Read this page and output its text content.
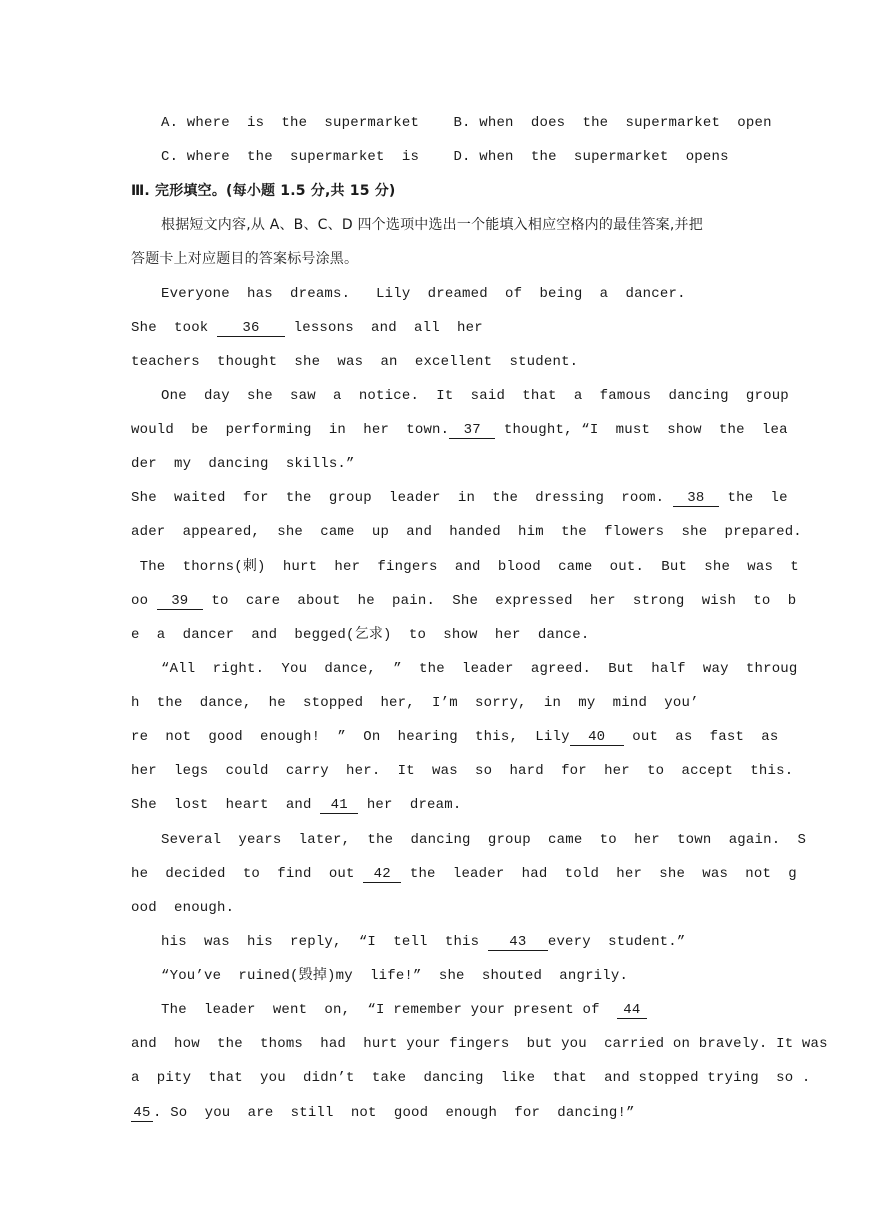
A. where  is  the  supermarket B. when  does  the  supermarket  open
C. where  the  supermarket  is D. when  the  supermarket  opens
Ⅲ. 完形填空。(每小题 1.5 分,共 15 分)
根据短文内容,从 A、B、C、D 四个选项中选出一个能填入相应空格内的最佳答案,并把
答题卡上对应题目的答案标号涂黑。
Everyone  has  dreams.   Lily  dreamed  of  being  a  dancer.
She  took 36 lessons  and  all  her
teachers  thought  she  was  an  excellent  student.
One  day  she  saw  a  notice.  It  said  that  a  famous  dancing  group
would  be  performing  in  her  town. 37 thought, “I  must  show  the  lea
der  my  dancing  skills.”
She  waited  for  the  group  leader  in  the  dressing  room. 38 the  le
ader  appeared,  she  came  up  and  handed  him  the  flowers  she  prepared.
The  thorns(刺)  hurt  her  fingers  and  blood  came  out.  But  she  was  t
oo 39 to  care  about  he  pain.  She  expressed  her  strong  wish  to  b
e  a  dancer  and  begged(乞求)  to  show  her  dance.
“All  right.  You  dance,  ”  the  leader  agreed.  But  half  way  throug
h  the  dance,  he  stopped  her,  I’m  sorry,  in  my  mind  you’
re  not  good  enough!  ”  On  hearing  this,  Lily 40 out  as  fast  as
her  legs  could  carry  her.  It  was  so  hard  for  her  to  accept  this.
She  lost  heart  and 41 her  dream.
Several  years  later,  the  dancing  group  came  to  her  town  again.  S
he  decided  to  find  out 42 the  leader  had  told  her  she  was  not  g
ood  enough.
his  was  his  reply,  “I  tell  this 43 every  student.”
“You’ve  ruined(毁掉)my  life!”  she  shouted  angrily.
The  leader  went  on,  “I remember your present of  44
and  how  the  thoms  had  hurt your fingers  but you  carried on bravely. It was
a  pity  that  you  didn’t  take  dancing  like  that  and stopped trying  so .
45 . So  you  are  still  not  good  enough  for  dancing!”
